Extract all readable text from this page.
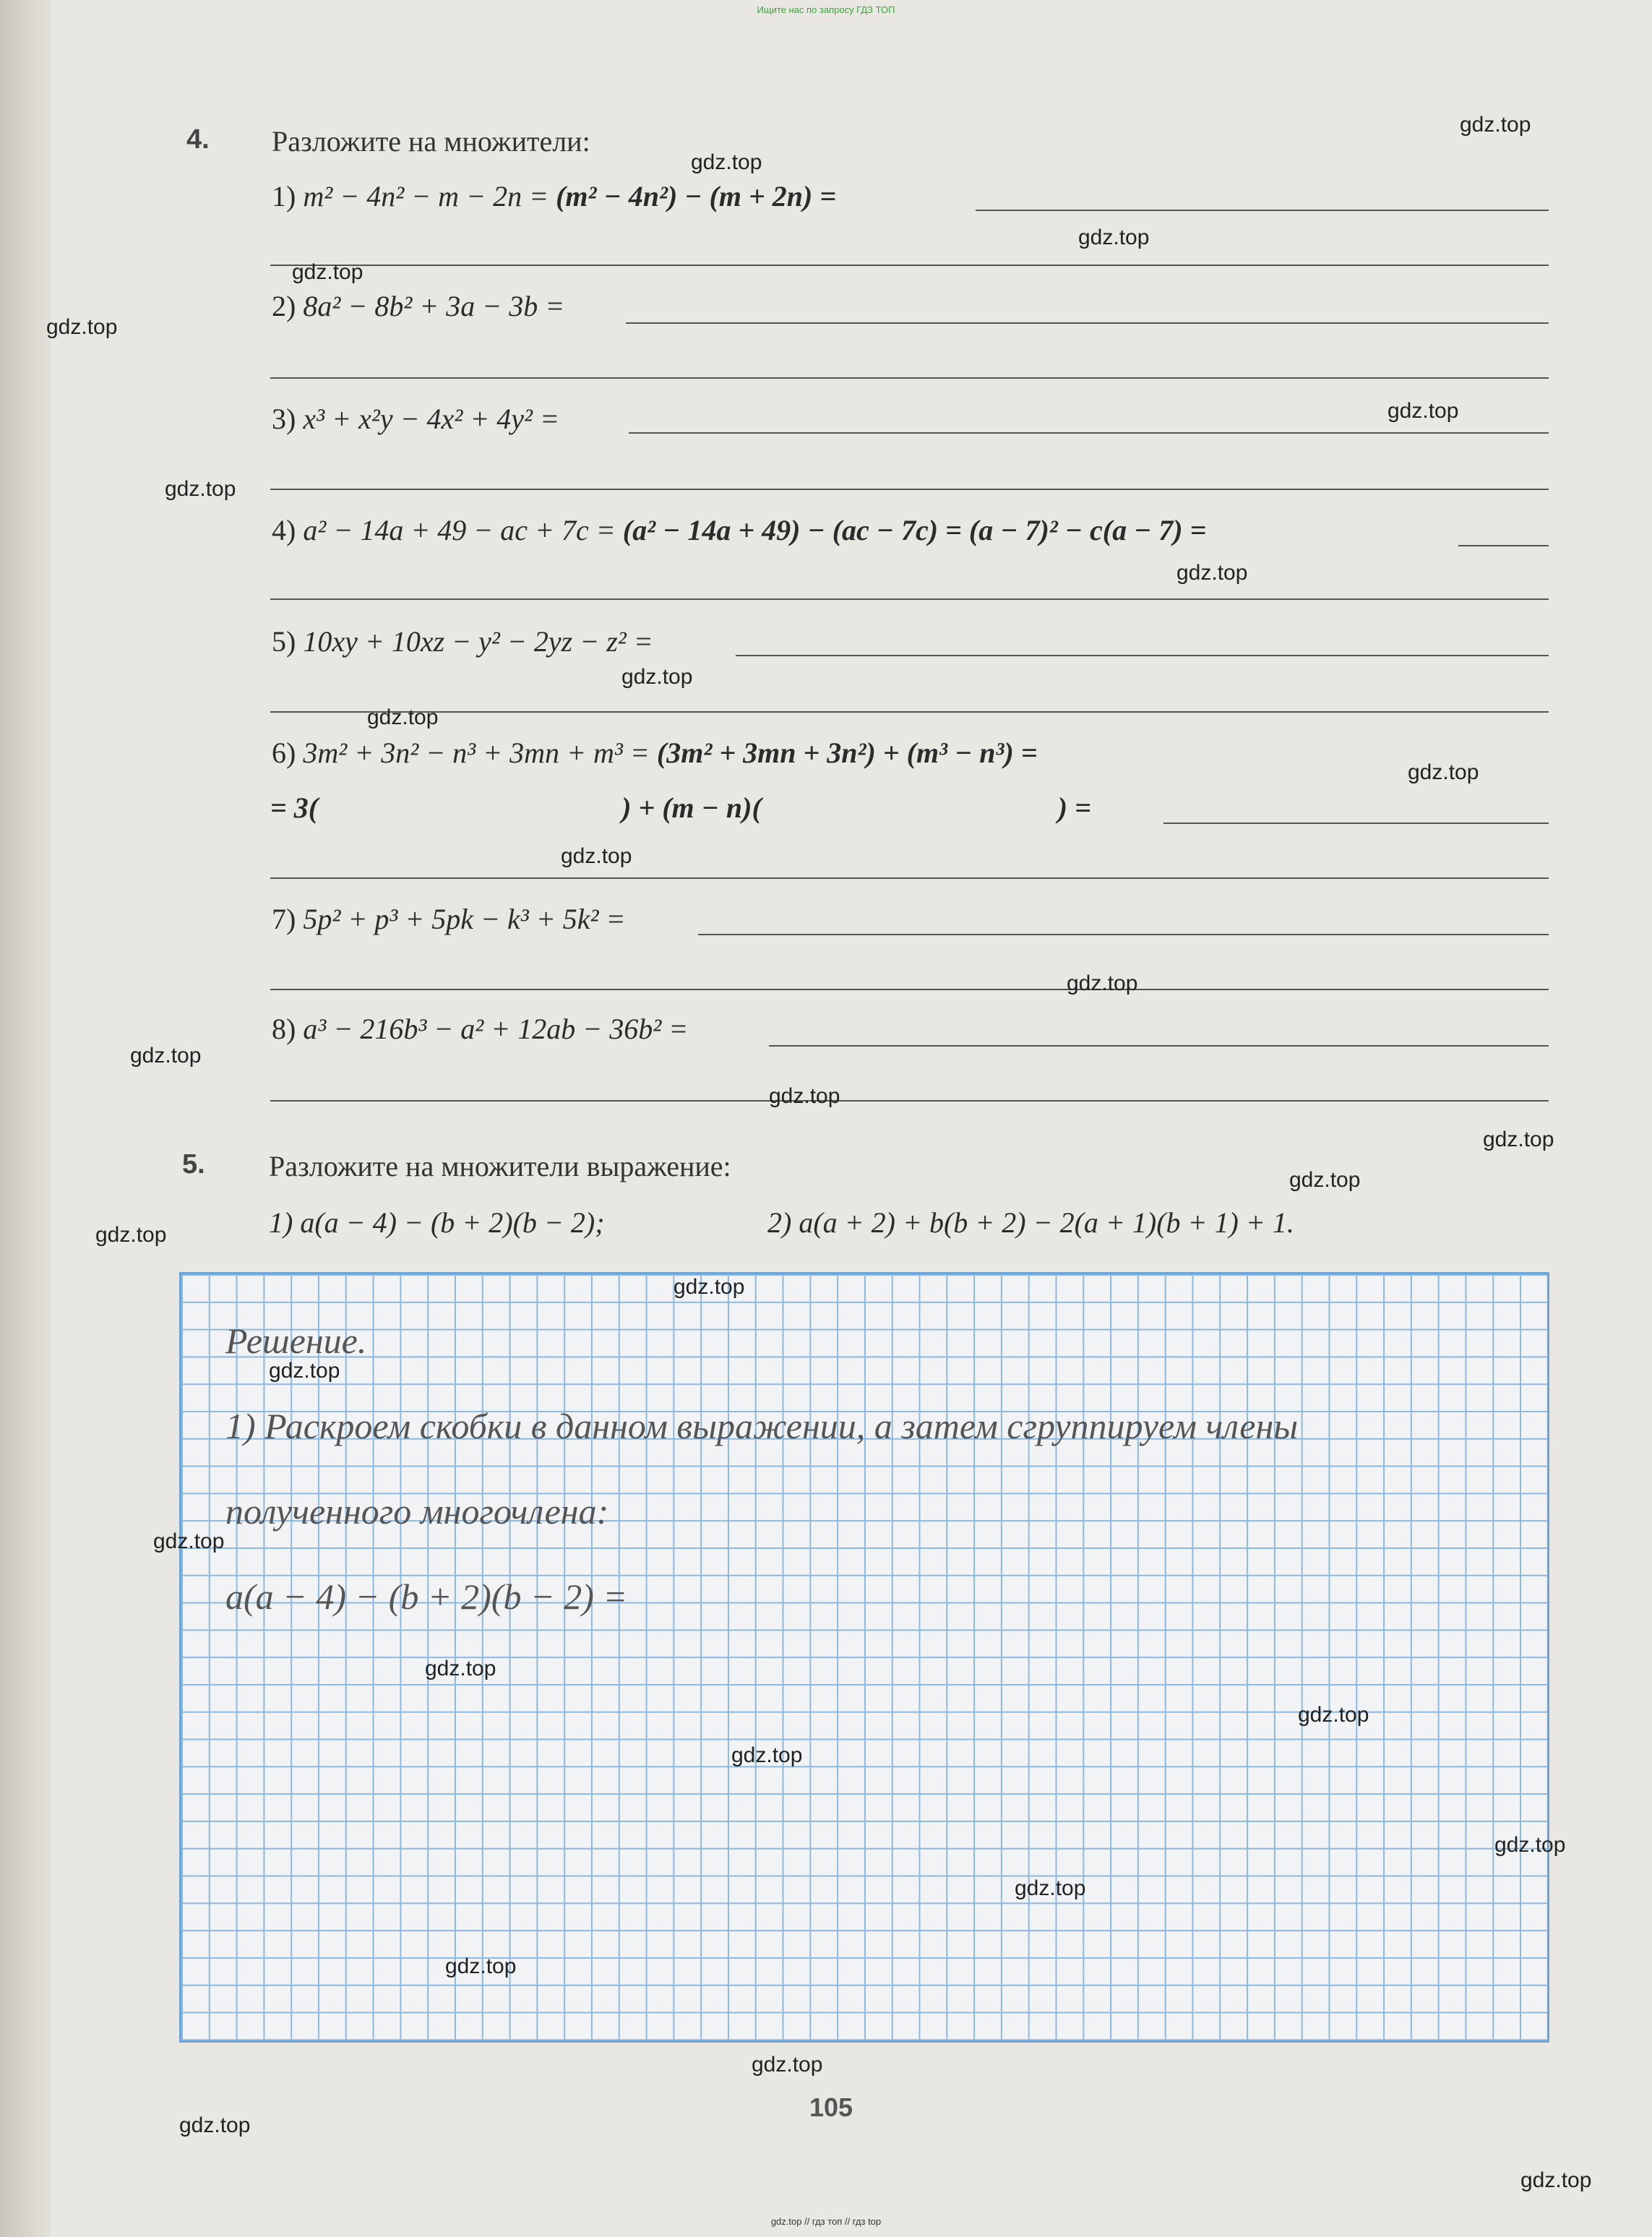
Ищите нас по запросу ГДЗ ТОП
4. Разложите на множители:
1) m² − 4n² − m − 2n = (m² − 4n²) − (m + 2n) =
2) 8a² − 8b² + 3a − 3b =
3) x³ + x²y − 4x² + 4y² =
4) a² − 14a + 49 − ac + 7c = (a² − 14a + 49) − (ac − 7c) = (a − 7)² − c(a − 7) =
5) 10xy + 10xz − y² − 2yz − z² =
6) 3m² + 3n² − n³ + 3mn + m³ = (3m² + 3mn + 3n²) + (m³ − n³) =
= 3(	) + (m − n)(	) =
7) 5p² + p³ + 5pk − k³ + 5k² =
8) a³ − 216b³ − a² + 12ab − 36b² =
5. Разложите на множители выражение:
1) a(a − 4) − (b + 2)(b − 2);	2) a(a + 2) + b(b + 2) − 2(a + 1)(b + 1) + 1.
Решение.
1) Раскроем скобки в данном выражении, а затем сгруппируем члены
полученного многочлена:
a(a − 4) − (b + 2)(b − 2) =
105
gdz.top
gdz.top
gdz.top
gdz.top
gdz.top
gdz.top
gdz.top
gdz.top
gdz.top
gdz.top
gdz.top
gdz.top
gdz.top
gdz.top
gdz.top
gdz.top
gdz.top
gdz.top
gdz.top
gdz.top
gdz.top
gdz.top
gdz.top
gdz.top
gdz.top
gdz.top
gdz.top
gdz.top
gdz.top
gdz.top
gdz.top // гдз топ // гдз top
